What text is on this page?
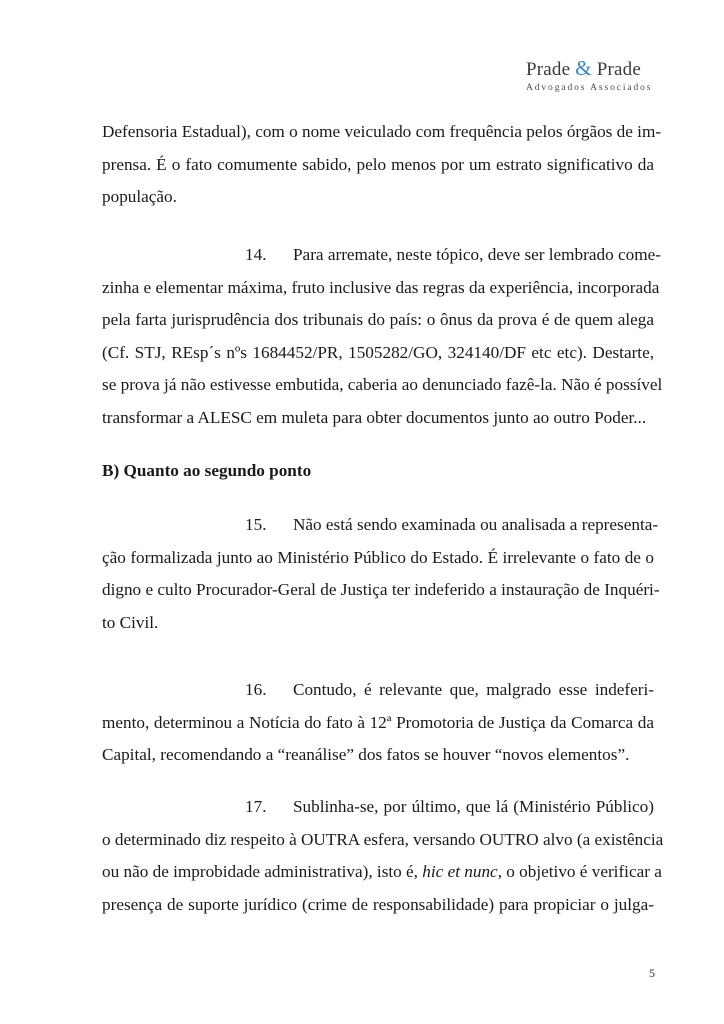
Prade & Prade
Advogados Associados
Defensoria Estadual), com o nome veiculado com frequência pelos órgãos de im-
prensa. É o fato comumente sabido, pelo menos por um estrato significativo da
população.
14. Para arremate, neste tópico, deve ser lembrado come-
zinha e elementar máxima, fruto inclusive das regras da experiência, incorporada
pela farta jurisprudência dos tribunais do país: o ônus da prova é de quem alega
(Cf. STJ, REsp´s nºs 1684452/PR, 1505282/GO, 324140/DF etc etc). Destarte,
se prova já não estivesse embutida, caberia ao denunciado fazê-la. Não é possível
transformar a ALESC em muleta para obter documentos junto ao outro Poder...
B) Quanto ao segundo ponto
15. Não está sendo examinada ou analisada a representa-
ção formalizada junto ao Ministério Público do Estado. É irrelevante o fato de o
digno e culto Procurador-Geral de Justiça ter indeferido a instauração de Inquéri-
to Civil.
16. Contudo, é relevante que, malgrado esse indeferi-
mento, determinou a Notícia do fato à 12ª Promotoria de Justiça da Comarca da
Capital, recomendando a “reanálise” dos fatos se houver “novos elementos”.
17. Sublinha-se, por último, que lá (Ministério Público)
o determinado diz respeito à OUTRA esfera, versando OUTRO alvo (a existência
ou não de improbidade administrativa), isto é, hic et nunc, o objetivo é verificar a
presença de suporte jurídico (crime de responsabilidade) para propiciar o julga-
5
